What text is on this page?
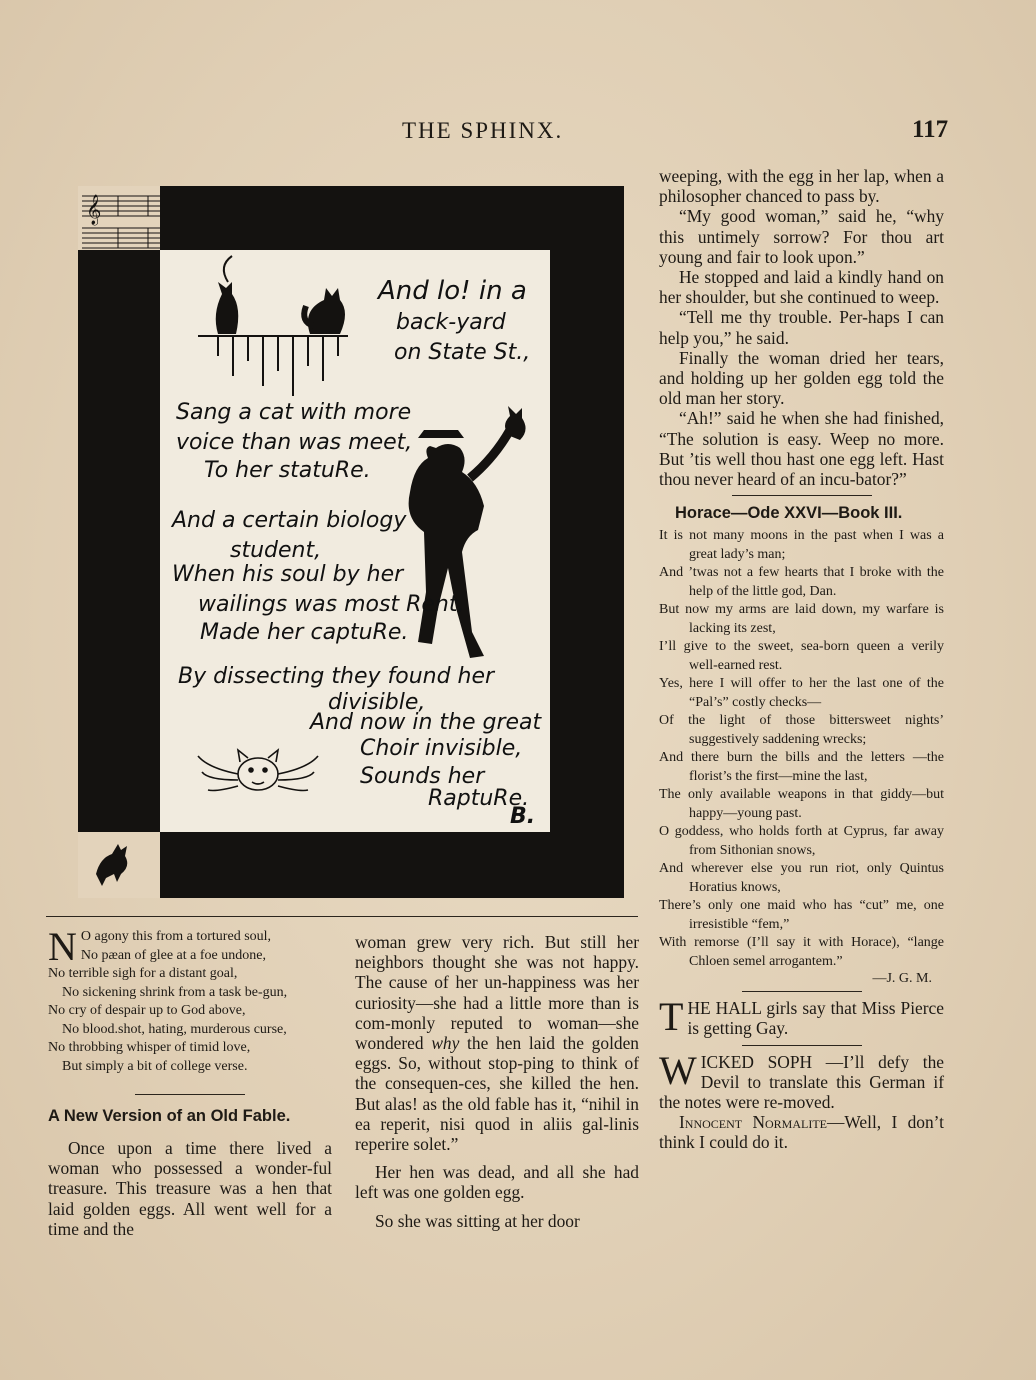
THE SPHINX.	117
𝄞
And lo! in a
back-yard
on State St.,
Sang a cat with more
voice than was meet,
To her statuRe.
And a certain biology
student,
When his soul by her
wailings was most Rent,
Made her captuRe.
By dissecting they found her
divisible,
And now in the great
Choir invisible,
Sounds her
RaptuRe.
B.

N O agony this from a tortured soul,

No pæan of glee at a foe undone,

No terrible sigh for a distant goal,

No sickening shrink from a task be-gun,

No cry of despair up to God above,

No blood.shot, hating, murderous curse,

No throbbing whisper of timid love,

But simply a bit of college verse.

A New Version of an Old Fable.

Once upon a time there lived a woman who possessed a wonder-ful treasure. This treasure was a hen that laid golden eggs. All went well for a time and the

woman grew very rich. But still her neighbors thought she was not happy. The cause of her un-happiness was her curiosity—she had a little more than is com-monly reputed to woman—she wondered why the hen laid the golden eggs. So, without stop-ping to think of the consequen-ces, she killed the hen. But alas! as the old fable has it, “nihil in ea reperit, nisi quod in aliis gal-linis reperire solet.”

Her hen was dead, and all she had left was one golden egg.

So she was sitting at her door

weeping, with the egg in her lap, when a philosopher chanced to pass by.

“My good woman,” said he, “why this untimely sorrow? For thou art young and fair to look upon.”

He stopped and laid a kindly hand on her shoulder, but she continued to weep.

“Tell me thy trouble. Per-haps I can help you,” he said.

Finally the woman dried her tears, and holding up her golden egg told the old man her story.

“Ah!” said he when she had finished, “The solution is easy. Weep no more. But ’tis well thou hast one egg left. Hast thou never heard of an incu-bator?”

Horace—Ode XXVI—Book III.

It is not many moons in the past when I was a great lady’s man;

And ’twas not a few hearts that I broke with the help of the little god, Dan.

But now my arms are laid down, my warfare is lacking its zest,

I’ll give to the sweet, sea-born queen a verily well-earned rest.

Yes, here I will offer to her the last one of the “Pal’s” costly checks—

Of the light of those bittersweet nights’ suggestively saddening wrecks;

And there burn the bills and the letters —the florist’s the first—mine the last,

The only available weapons in that giddy—but happy—young past.

O goddess, who holds forth at Cyprus, far away from Sithonian snows,

And wherever else you run riot, only Quintus Horatius knows,

There’s only one maid who has “cut” me, one irresistible “fem,”

With remorse (I’ll say it with Horace), “lange Chloen semel arrogantem.”

—J. G. M.

THE HALL girls say that Miss Pierce is getting Gay.

WICKED SOPH —I’ll defy the Devil to translate this German if the notes were re-moved.

Innocent Normalite—Well, I don’t think I could do it.
